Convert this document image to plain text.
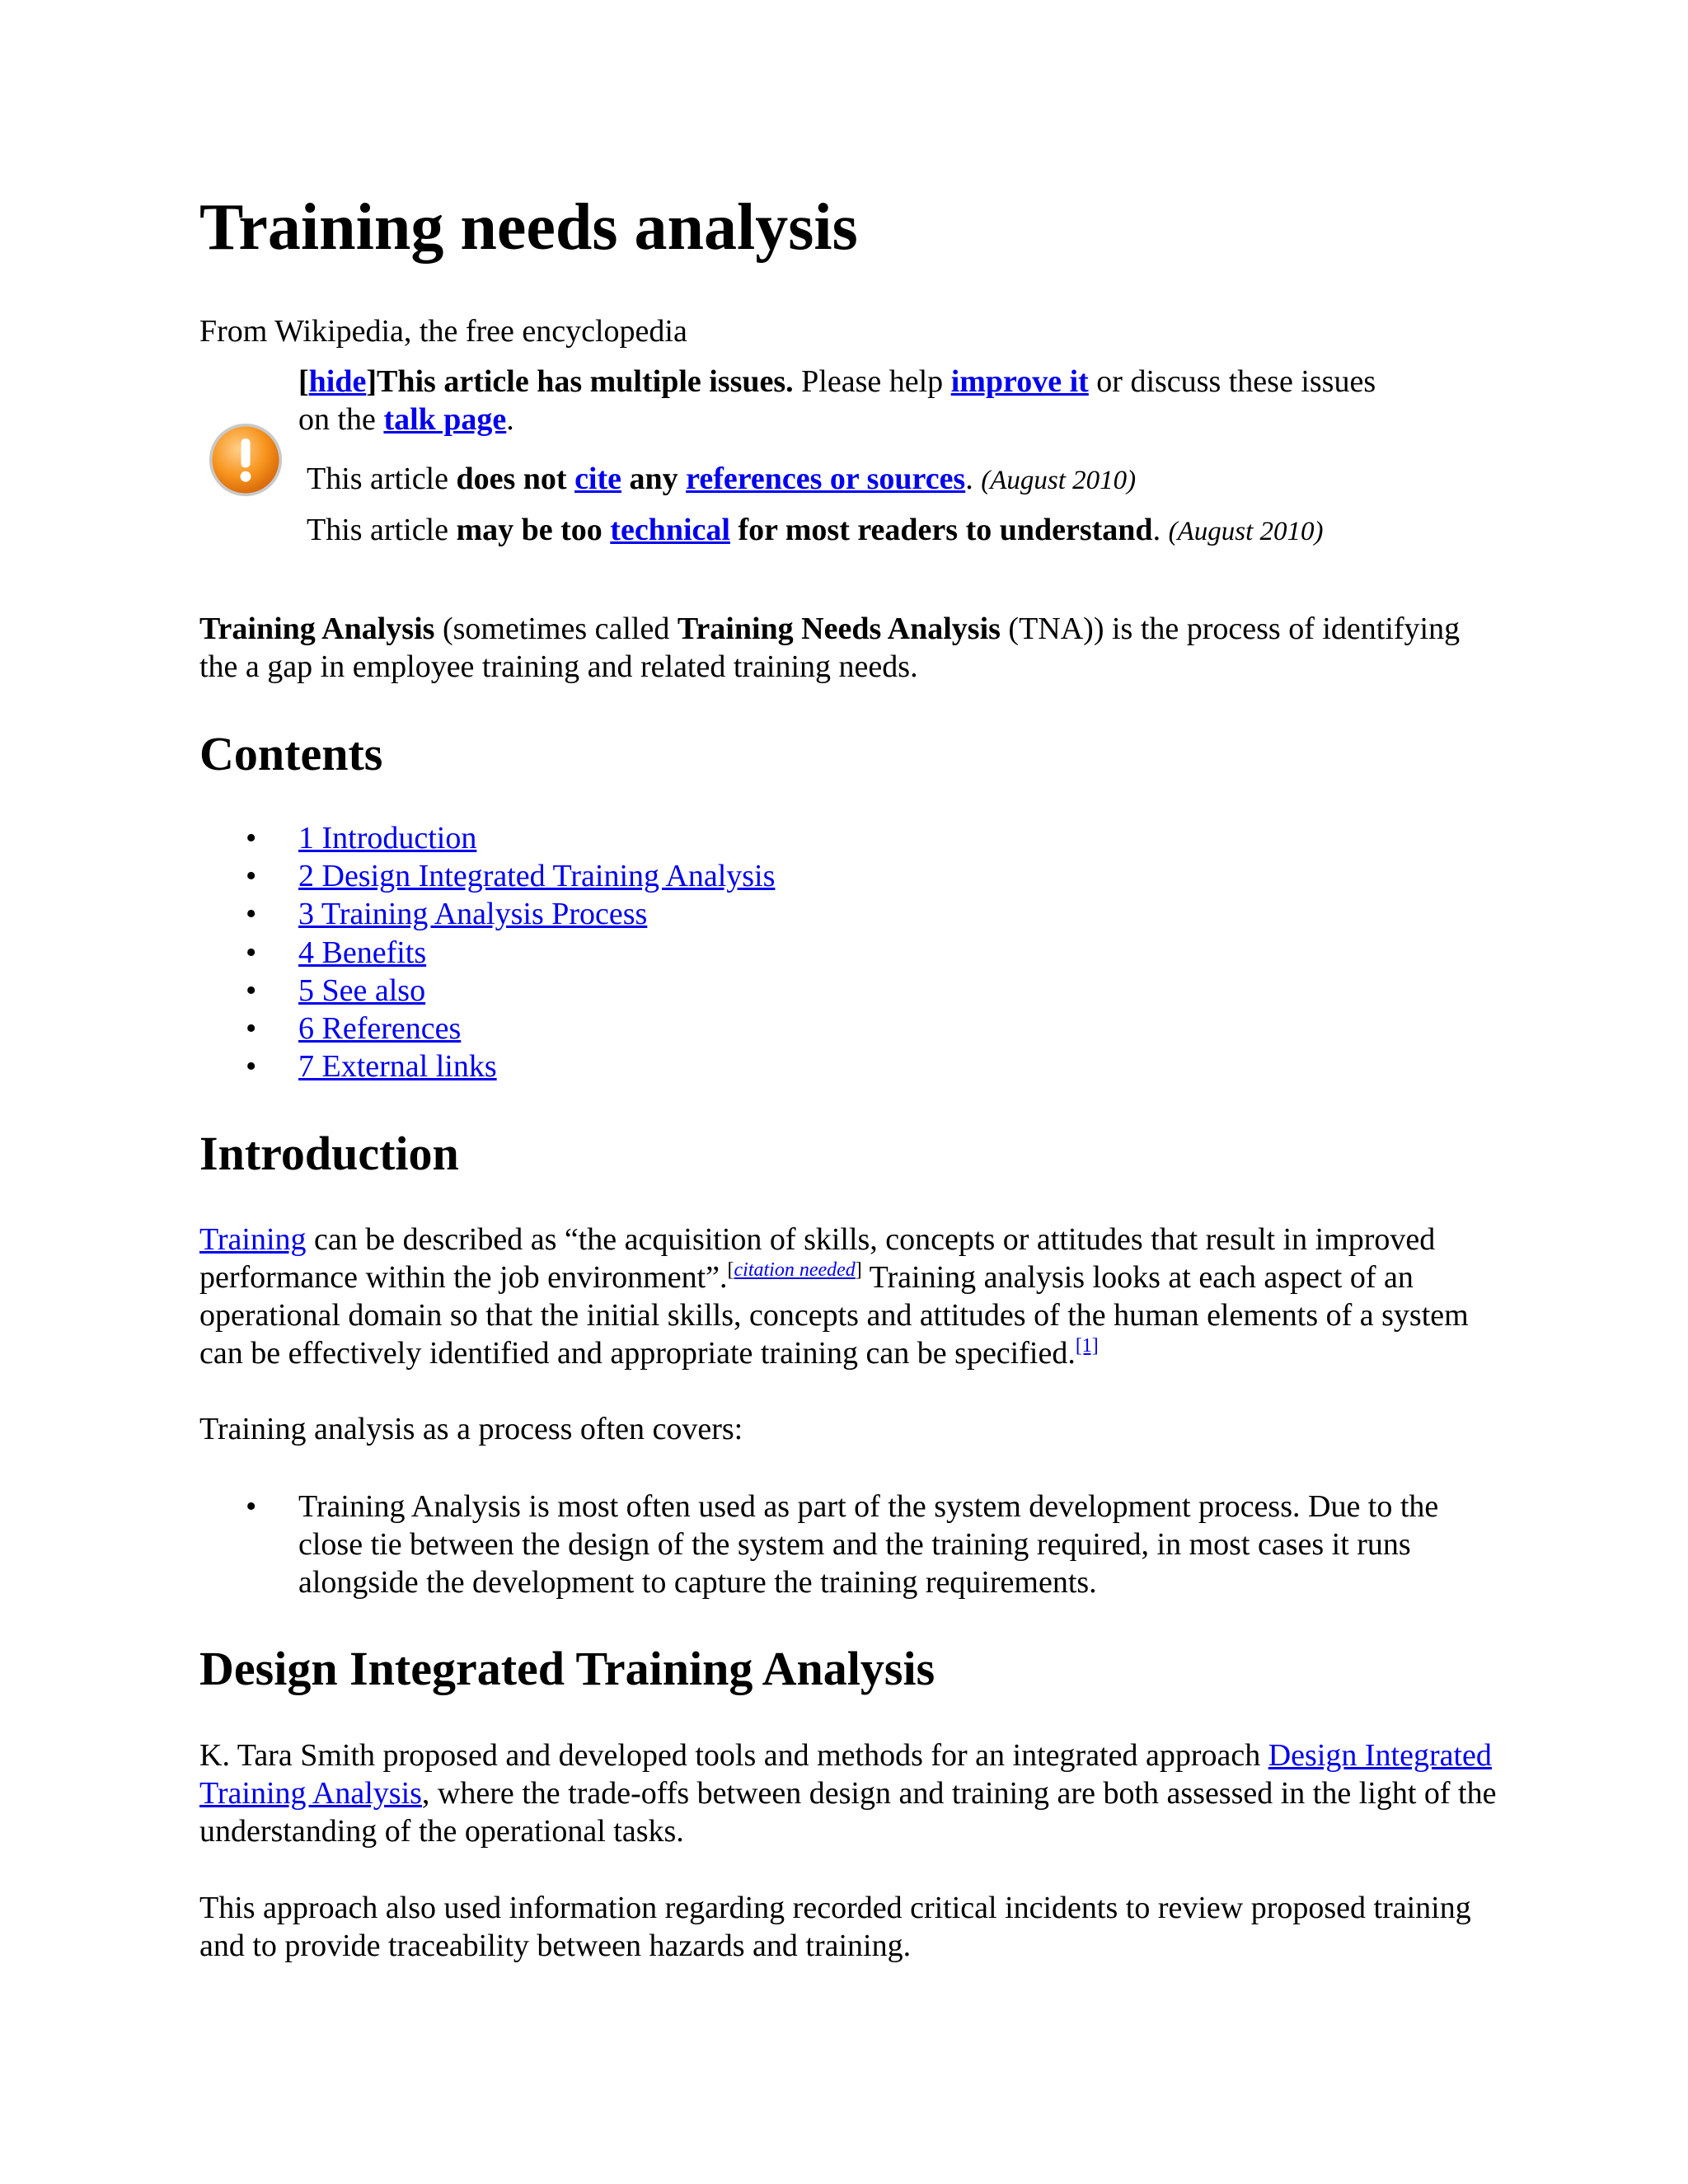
Training needs analysis
From Wikipedia, the free encyclopedia
[hide]This article has multiple issues. Please help improve it or discuss these issues on the talk page.
This article does not cite any references or sources. (August 2010)
This article may be too technical for most readers to understand. (August 2010)

Training Analysis (sometimes called Training Needs Analysis (TNA)) is the process of identifying the a gap in employee training and related training needs.

Contents
• 1 Introduction
• 2 Design Integrated Training Analysis
• 3 Training Analysis Process
• 4 Benefits
• 5 See also
• 6 References
• 7 External links
Introduction

Training can be described as “the acquisition of skills, concepts or attitudes that result in improved performance within the job environment”.[citation needed] Training analysis looks at each aspect of an operational domain so that the initial skills, concepts and attitudes of the human elements of a system can be effectively identified and appropriate training can be specified.[1]

Training analysis as a process often covers:

• Training Analysis is most often used as part of the system development process. Due to the close tie between the design of the system and the training required, in most cases it runs alongside the development to capture the training requirements.
Design Integrated Training Analysis

K. Tara Smith proposed and developed tools and methods for an integrated approach Design Integrated Training Analysis, where the trade-offs between design and training are both assessed in the light of the understanding of the operational tasks.

This approach also used information regarding recorded critical incidents to review proposed training and to provide traceability between hazards and training.
